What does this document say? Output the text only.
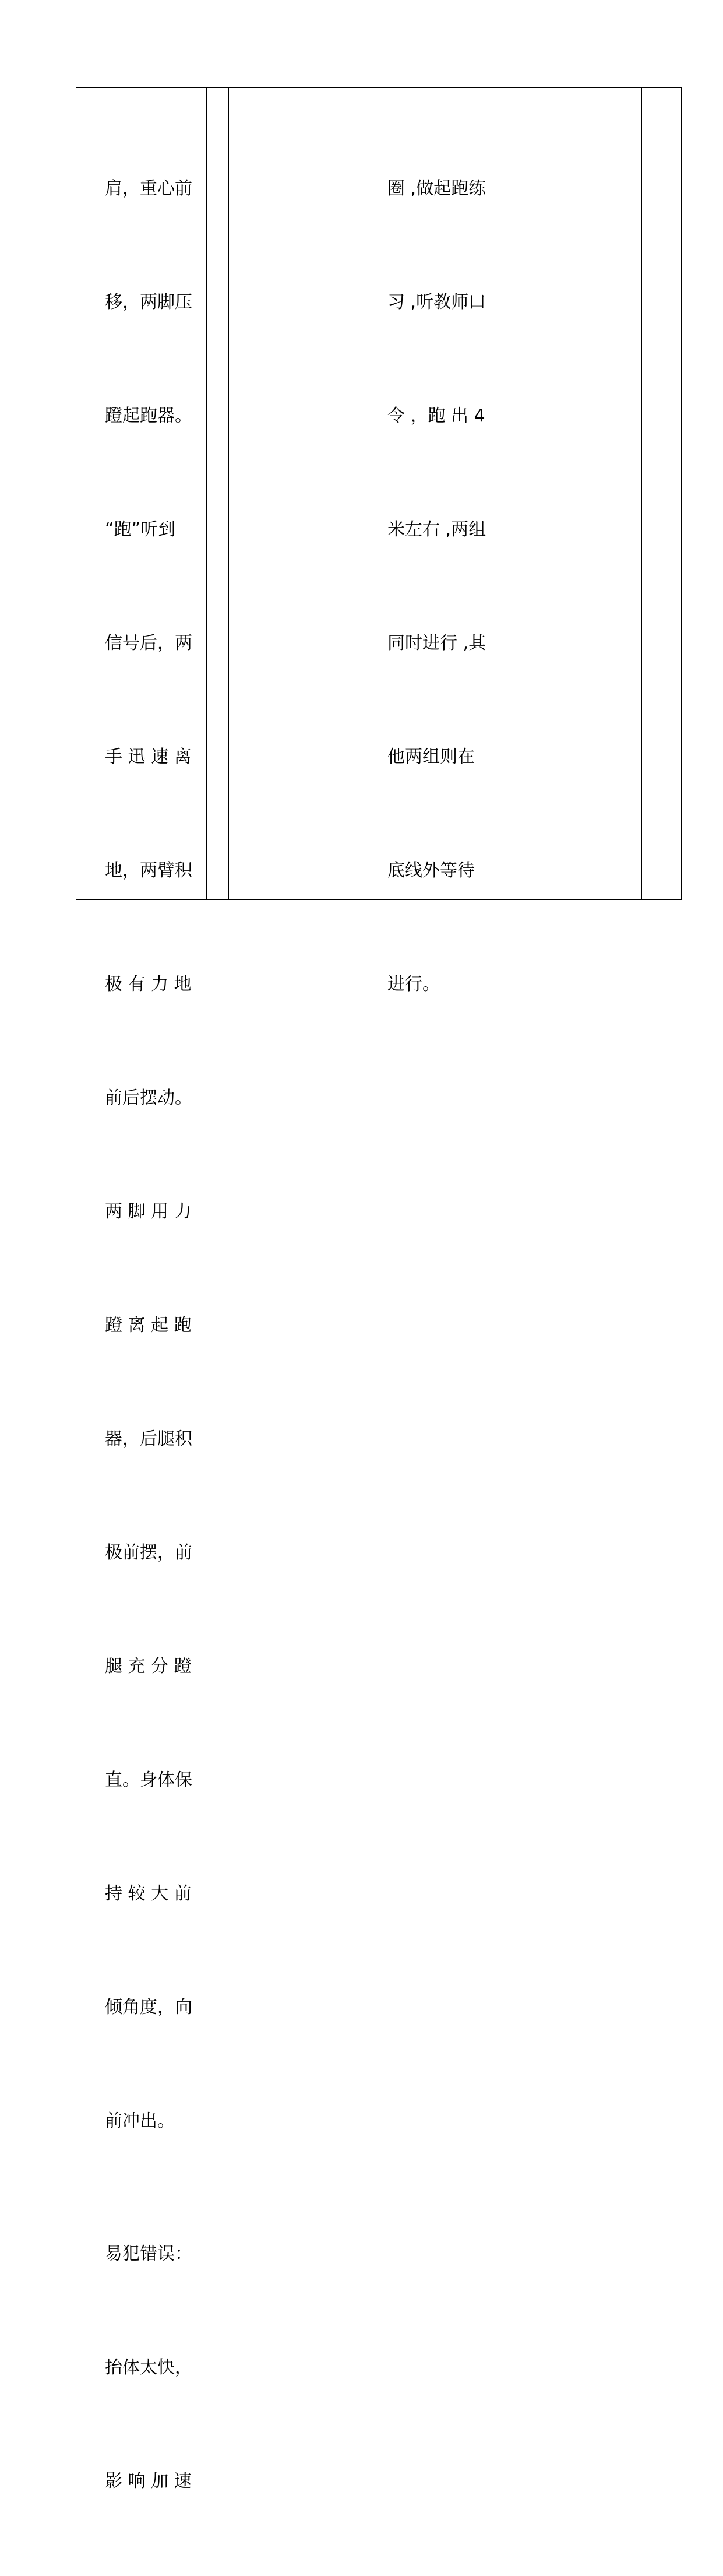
肩，重心前

移，两脚压

蹬起跑器。

“跑”听到

信号后，两

手 迅 速 离

地，两臂积

极 有 力 地

前后摆动。

两 脚 用 力

蹬 离 起 跑

器，后腿积

极前摆，前

腿 充 分 蹬

直。身体保

持 较 大 前

倾角度，向

前冲出。

易犯错误：

抬体太快，

影 响 加 速

圈 ,做起跑练

习 ,听教师口

令 ，跑 出 4

米左右 ,两组

同时进行 ,其

他两组则在

底线外等待

进行。
